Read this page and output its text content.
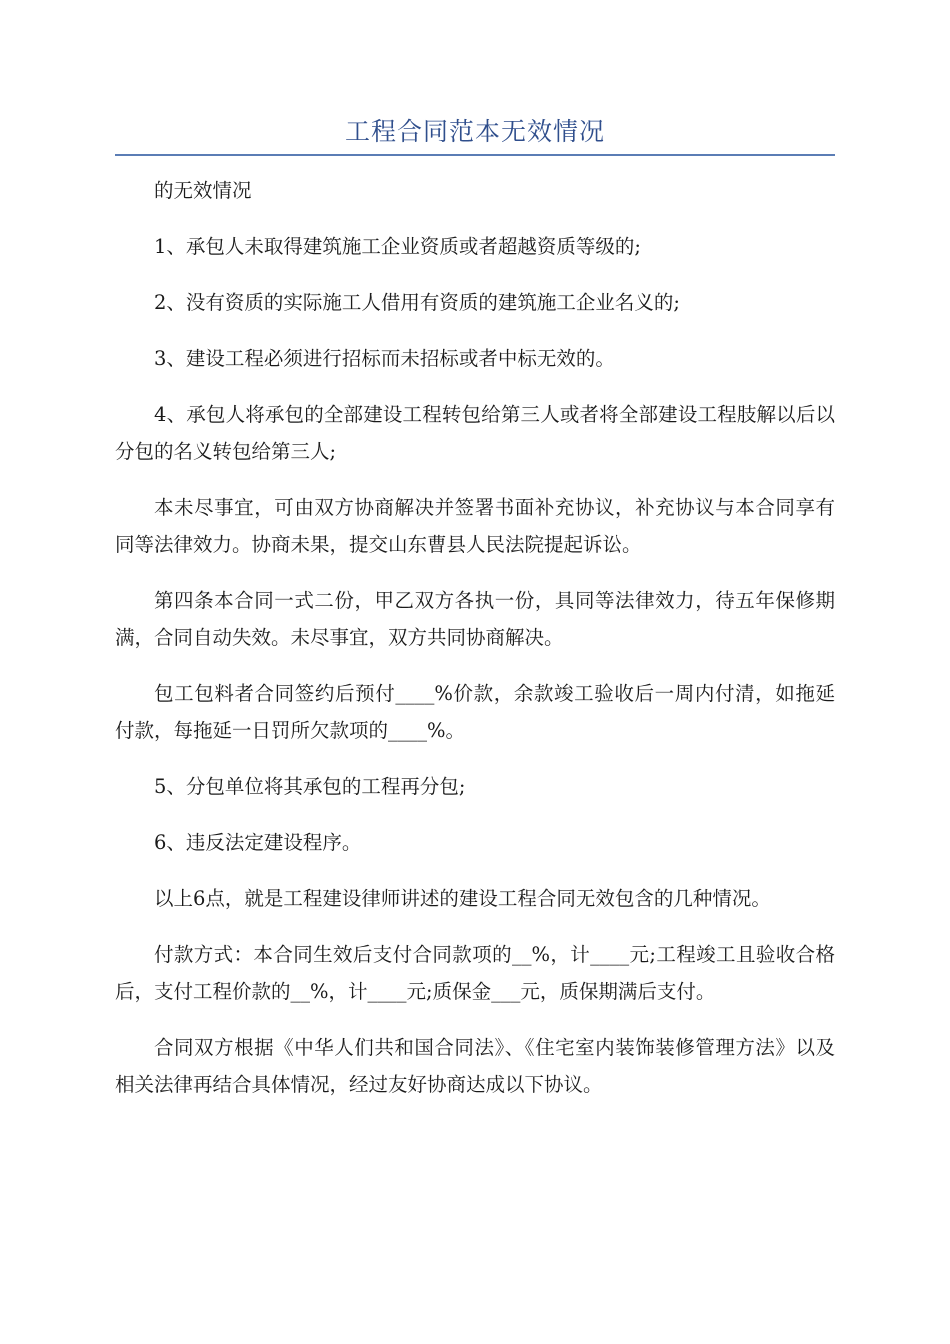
工程合同范本无效情况

的无效情况

1、承包人未取得建筑施工企业资质或者超越资质等级的;

2、没有资质的实际施工人借用有资质的建筑施工企业名义的;

3、建设工程必须进行招标而未招标或者中标无效的。

4、承包人将承包的全部建设工程转包给第三人或者将全部建设工程肢解以后以分包的名义转包给第三人;

本未尽事宜，可由双方协商解决并签署书面补充协议，补充协议与本合同享有同等法律效力。协商未果，提交山东曹县人民法院提起诉讼。

第四条本合同一式二份，甲乙双方各执一份，具同等法律效力，待五年保修期满，合同自动失效。未尽事宜，双方共同协商解决。

包工包料者合同签约后预付____%价款，余款竣工验收后一周内付清，如拖延付款，每拖延一日罚所欠款项的____%。

5、分包单位将其承包的工程再分包;

6、违反法定建设程序。

以上6点，就是工程建设律师讲述的建设工程合同无效包含的几种情况。

付款方式：本合同生效后支付合同款项的__%，计____元;工程竣工且验收合格后，支付工程价款的__%，计____元;质保金___元，质保期满后支付。

合同双方根据《中华人们共和国合同法》、《住宅室内装饰装修管理方法》以及相关法律再结合具体情况，经过友好协商达成以下协议。
